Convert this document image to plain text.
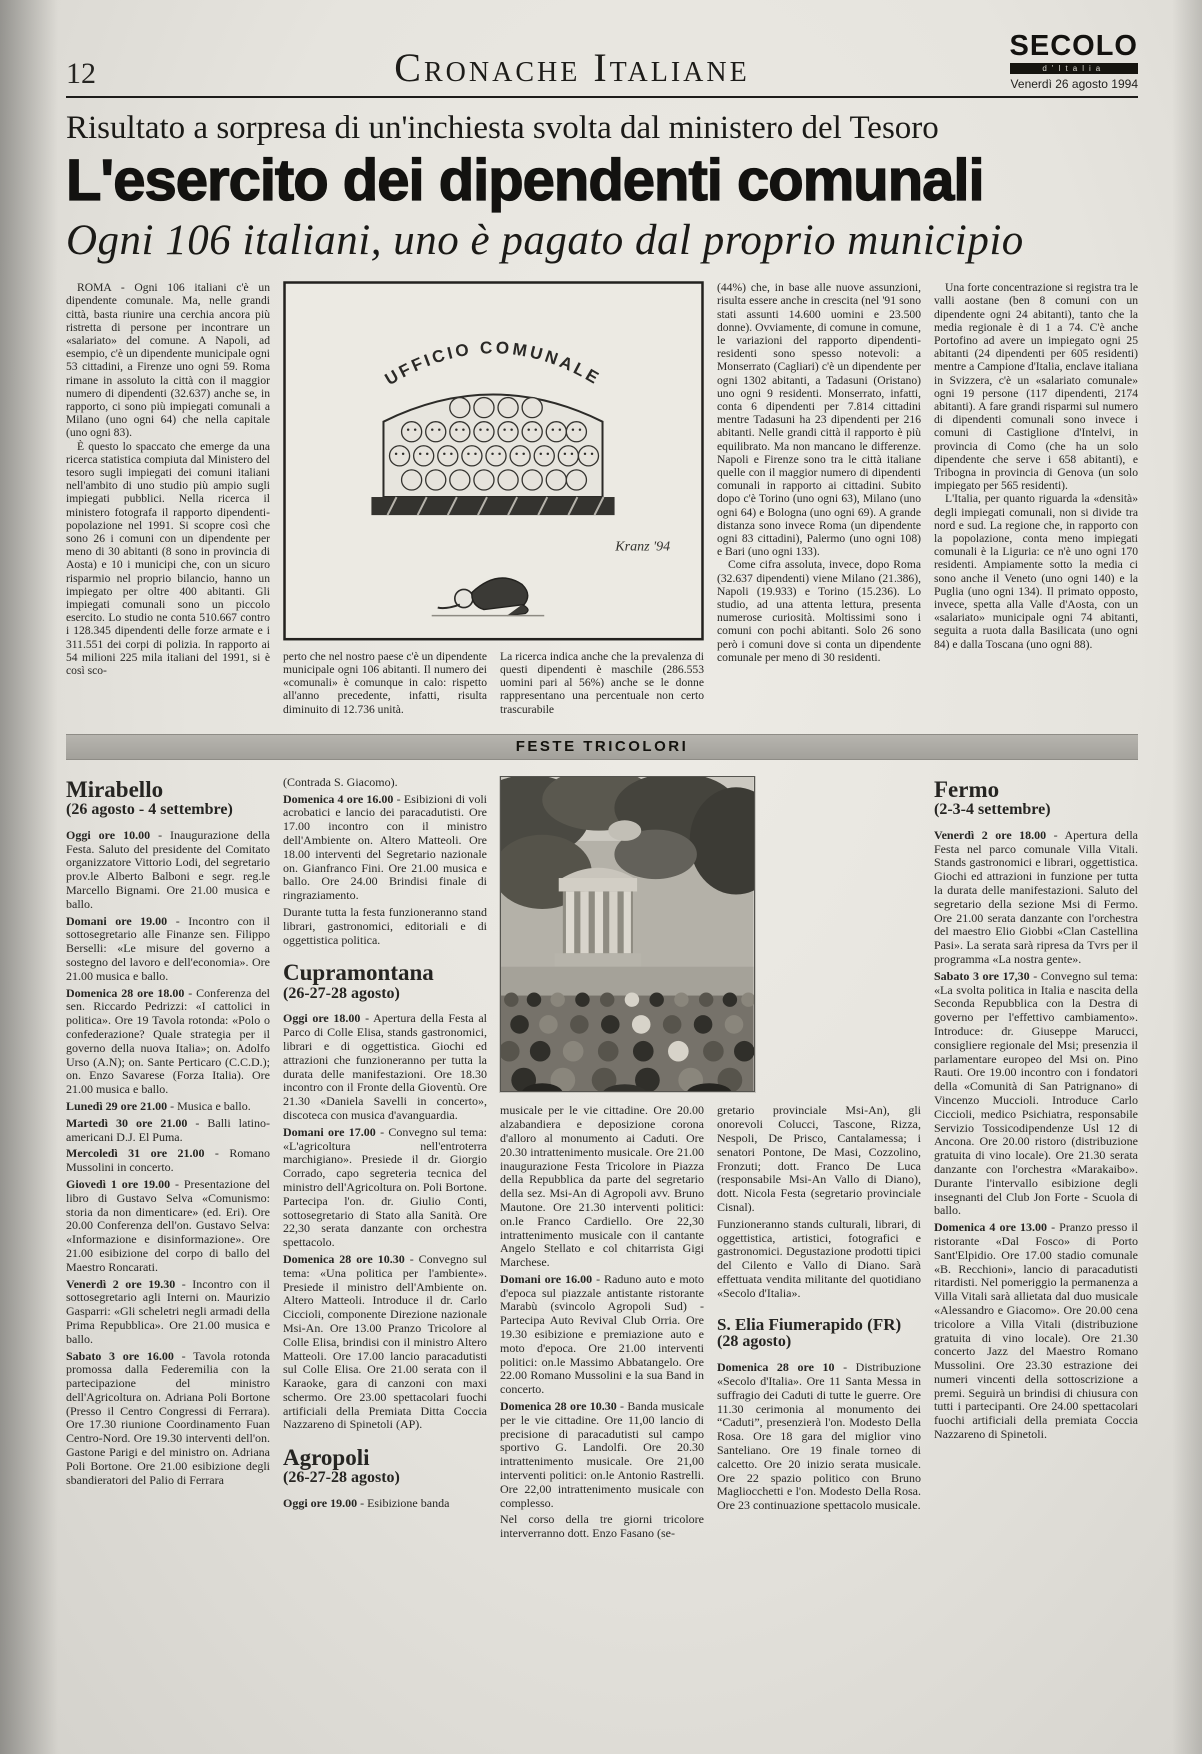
12	Cronache Italiane	SECOLO
d'Italia
Venerdì 26 agosto 1994
Risultato a sorpresa di un'inchiesta svolta dal ministero del Tesoro
L'esercito dei dipendenti comunali
Ogni 106 italiani, uno è pagato dal proprio municipio

ROMA - Ogni 106 italiani c'è un dipendente comunale. Ma, nelle grandi città, basta riunire una cerchia ancora più ristretta di persone per incontrare un «salariato» del comune. A Napoli, ad esempio, c'è un dipendente municipale ogni 53 cittadini, a Firenze uno ogni 59. Roma rimane in assoluto la città con il maggior numero di dipendenti (32.637) anche se, in rapporto, ci sono più impiegati comunali a Milano (uno ogni 64) che nella capitale (uno ogni 83).

È questo lo spaccato che emerge da una ricerca statistica compiuta dal Ministero del tesoro sugli impiegati dei comuni italiani nell'ambito di uno studio più ampio sugli impiegati pubblici. Nella ricerca il ministero fotografa il rapporto dipendenti-popolazione nel 1991. Si scopre così che sono 26 i comuni con un dipendente per meno di 30 abitanti (8 sono in provincia di Aosta) e 10 i municipi che, con un sicuro risparmio nel proprio bilancio, hanno un impiegato per oltre 400 abitanti. Gli impiegati comunali sono un piccolo esercito. Lo studio ne conta 510.667 contro i 128.345 dipendenti delle forze armate e i 311.551 dei corpi di polizia. In rapporto ai 54 milioni 225 mila italiani del 1991, si è così sco-

UFFICIO COMUNALE
Kranz '94

perto che nel nostro paese c'è un dipendente municipale ogni 106 abitanti. Il numero dei «comunali» è comunque in calo: rispetto all'anno precedente, infatti, risulta diminuito di 12.736 unità.

La ricerca indica anche che la prevalenza di questi dipendenti è maschile (286.553 uomini pari al 56%) anche se le donne rappresentano una percentuale non certo trascurabile

(44%) che, in base alle nuove assunzioni, risulta essere anche in crescita (nel '91 sono stati assunti 14.600 uomini e 23.500 donne). Ovviamente, di comune in comune, le variazioni del rapporto dipendenti-residenti sono spesso notevoli: a Monserrato (Cagliari) c'è un dipendente per ogni 1302 abitanti, a Tadasuni (Oristano) uno ogni 9 residenti. Monserrato, infatti, conta 6 dipendenti per 7.814 cittadini mentre Tadasuni ha 23 dipendenti per 216 abitanti. Nelle grandi città il rapporto è più equilibrato. Ma non mancano le differenze. Napoli e Firenze sono tra le città italiane quelle con il maggior numero di dipendenti comunali in rapporto ai cittadini. Subito dopo c'è Torino (uno ogni 63), Milano (uno ogni 64) e Bologna (uno ogni 69). A grande distanza sono invece Roma (un dipendente ogni 83 cittadini), Palermo (uno ogni 108) e Bari (uno ogni 133).

Come cifra assoluta, invece, dopo Roma (32.637 dipendenti) viene Milano (21.386), Napoli (19.933) e Torino (15.236). Lo studio, ad una attenta lettura, presenta numerose curiosità. Moltissimi sono i comuni con pochi abitanti. Solo 26 sono però i comuni dove si conta un dipendente comunale per meno di 30 residenti.

Una forte concentrazione si registra tra le valli aostane (ben 8 comuni con un dipendente ogni 24 abitanti), tanto che la media regionale è di 1 a 74. C'è anche Portofino ad avere un impiegato ogni 25 abitanti (24 dipendenti per 605 residenti) mentre a Campione d'Italia, enclave italiana in Svizzera, c'è un «salariato comunale» ogni 19 persone (117 dipendenti, 2174 abitanti). A fare grandi risparmi sul numero di dipendenti comunali sono invece i comuni di Castiglione d'Intelvi, in provincia di Como (che ha un solo dipendente che serve i 658 abitanti), e Tribogna in provincia di Genova (un solo impiegato per 565 residenti).

L'Italia, per quanto riguarda la «densità» degli impiegati comunali, non si divide tra nord e sud. La regione che, in rapporto con la popolazione, conta meno impiegati comunali è la Liguria: ce n'è uno ogni 170 residenti. Ampiamente sotto la media ci sono anche il Veneto (uno ogni 140) e la Puglia (uno ogni 134). Il primato opposto, invece, spetta alla Valle d'Aosta, con un «salariato» municipale ogni 74 abitanti, seguita a ruota dalla Basilicata (uno ogni 84) e dalla Toscana (uno ogni 88).

FESTE TRICOLORI
Mirabello
(26 agosto - 4 settembre)

Oggi ore 10.00 - Inaugurazione della Festa. Saluto del presidente del Comitato organizzatore Vittorio Lodi, del segretario prov.le Alberto Balboni e segr. reg.le Marcello Bignami. Ore 21.00 musica e ballo.

Domani ore 19.00 - Incontro con il sottosegretario alle Finanze sen. Filippo Berselli: «Le misure del governo a sostegno del lavoro e dell'economia». Ore 21.00 musica e ballo.

Domenica 28 ore 18.00 - Conferenza del sen. Riccardo Pedrizzi: «I cattolici in politica». Ore 19 Tavola rotonda: «Polo o confederazione? Quale strategia per il governo della nuova Italia»; on. Adolfo Urso (A.N); on. Sante Perticaro (C.C.D.); on. Enzo Savarese (Forza Italia). Ore 21.00 musica e ballo.

Lunedì 29 ore 21.00 - Musica e ballo.

Martedì 30 ore 21.00 - Balli latino-americani D.J. El Puma.

Mercoledì 31 ore 21.00 - Romano Mussolini in concerto.

Giovedì 1 ore 19.00 - Presentazione del libro di Gustavo Selva «Comunismo: storia da non dimenticare» (ed. Eri). Ore 20.00 Conferenza dell'on. Gustavo Selva: «Informazione e disinformazione». Ore 21.00 esibizione del corpo di ballo del Maestro Roncarati.

Venerdì 2 ore 19.30 - Incontro con il sottosegretario agli Interni on. Maurizio Gasparri: «Gli scheletri negli armadi della Prima Repubblica». Ore 21.00 musica e ballo.

Sabato 3 ore 16.00 - Tavola rotonda promossa dalla Federemilia con la partecipazione del ministro dell'Agricoltura on. Adriana Poli Bortone (Presso il Centro Congressi di Ferrara). Ore 17.30 riunione Coordinamento Fuan Centro-Nord. Ore 19.30 interventi dell'on. Gastone Parigi e del ministro on. Adriana Poli Bortone. Ore 21.00 esibizione degli sbandieratori del Palio di Ferrara

(Contrada S. Giacomo).

Domenica 4 ore 16.00 - Esibizioni di voli acrobatici e lancio dei paracadutisti. Ore 17.00 incontro con il ministro dell'Ambiente on. Altero Matteoli. Ore 18.00 interventi del Segretario nazionale on. Gianfranco Fini. Ore 21.00 musica e ballo. Ore 24.00 Brindisi finale di ringraziamento.

Durante tutta la festa funzioneranno stand librari, gastronomici, editoriali e di oggettistica politica.

Cupramontana
(26-27-28 agosto)

Oggi ore 18.00 - Apertura della Festa al Parco di Colle Elisa, stands gastronomici, librari e di oggettistica. Giochi ed attrazioni che funzioneranno per tutta la durata delle manifestazioni. Ore 18.30 incontro con il Fronte della Gioventù. Ore 21.30 «Daniela Savelli in concerto», discoteca con musica d'avanguardia.

Domani ore 17.00 - Convegno sul tema: «L'agricoltura nell'entroterra marchigiano». Presiede il dr. Giorgio Corrado, capo segreteria tecnica del ministro dell'Agricoltura on. Poli Bortone. Partecipa l'on. dr. Giulio Conti, sottosegretario di Stato alla Sanità. Ore 22,30 serata danzante con orchestra spettacolo.

Domenica 28 ore 10.30 - Convegno sul tema: «Una politica per l'ambiente». Presiede il ministro dell'Ambiente on. Altero Matteoli. Introduce il dr. Carlo Ciccioli, componente Direzione nazionale Msi-An. Ore 13.00 Pranzo Tricolore al Colle Elisa, brindisi con il ministro Altero Matteoli. Ore 17.00 lancio paracadutisti sul Colle Elisa. Ore 21.00 serata con il Karaoke, gara di canzoni con maxi schermo. Ore 23.00 spettacolari fuochi artificiali della Premiata Ditta Coccia Nazzareno di Spinetoli (AP).

Agropoli
(26-27-28 agosto)

Oggi ore 19.00 - Esibizione banda

musicale per le vie cittadine. Ore 20.00 alzabandiera e deposizione corona d'alloro al monumento ai Caduti. Ore 20.30 intrattenimento musicale. Ore 21.00 inaugurazione Festa Tricolore in Piazza della Repubblica da parte del segretario della sez. Msi-An di Agropoli avv. Bruno Mautone. Ore 21.30 interventi politici: on.le Franco Cardiello. Ore 22,30 intrattenimento musicale con il cantante Angelo Stellato e col chitarrista Gigi Marchese.

Domani ore 16.00 - Raduno auto e moto d'epoca sul piazzale antistante ristorante Marabù (svincolo Agropoli Sud) - Partecipa Auto Revival Club Orria. Ore 19.30 esibizione e premiazione auto e moto d'epoca. Ore 21.00 interventi politici: on.le Massimo Abbatangelo. Ore 22.00 Romano Mussolini e la sua Band in concerto.

Domenica 28 ore 10.30 - Banda musicale per le vie cittadine. Ore 11,00 lancio di precisione di paracadutisti sul campo sportivo G. Landolfi. Ore 20.30 intrattenimento musicale. Ore 21,00 interventi politici: on.le Antonio Rastrelli. Ore 22,00 intrattenimento musicale con complesso.

Nel corso della tre giorni tricolore interverranno dott. Enzo Fasano (se-

gretario provinciale Msi-An), gli onorevoli Colucci, Tascone, Rizza, Nespoli, De Prisco, Cantalamessa; i senatori Pontone, De Masi, Cozzolino, Fronzuti; dott. Franco De Luca (responsabile Msi-An Vallo di Diano), dott. Nicola Festa (segretario provinciale Cisnal).

Funzioneranno stands culturali, librari, di oggettistica, artistici, fotografici e gastronomici. Degustazione prodotti tipici del Cilento e Vallo di Diano. Sarà effettuata vendita militante del quotidiano «Secolo d'Italia».

S. Elia Fiumerapido (FR)
(28 agosto)

Domenica 28 ore 10 - Distribuzione «Secolo d'Italia». Ore 11 Santa Messa in suffragio dei Caduti di tutte le guerre. Ore 11.30 cerimonia al monumento dei “Caduti”, presenzierà l'on. Modesto Della Rosa. Ore 18 gara del miglior vino Santeliano. Ore 19 finale torneo di calcetto. Ore 20 inizio serata musicale. Ore 22 spazio politico con Bruno Magliocchetti e l'on. Modesto Della Rosa. Ore 23 continuazione spettacolo musicale.

Fermo
(2-3-4 settembre)

Venerdì 2 ore 18.00 - Apertura della Festa nel parco comunale Villa Vitali. Stands gastronomici e librari, oggettistica. Giochi ed attrazioni in funzione per tutta la durata delle manifestazioni. Saluto del segretario della sezione Msi di Fermo. Ore 21.00 serata danzante con l'orchestra del maestro Elio Giobbi «Clan Castellina Pasi». La serata sarà ripresa da Tvrs per il programma «La nostra gente».

Sabato 3 ore 17,30 - Convegno sul tema: «La svolta politica in Italia e nascita della Seconda Repubblica con la Destra di governo per l'effettivo cambiamento». Introduce: dr. Giuseppe Marucci, consigliere regionale del Msi; presenzia il parlamentare europeo del Msi on. Pino Rauti. Ore 19.00 incontro con i fondatori della «Comunità di San Patrignano» di Vincenzo Muccioli. Introduce Carlo Ciccioli, medico Psichiatra, responsabile Servizio Tossicodipendenze Usl 12 di Ancona. Ore 20.00 ristoro (distribuzione gratuita di vino locale). Ore 21.30 serata danzante con l'orchestra «Marakaibo». Durante l'intervallo esibizione degli insegnanti del Club Jon Forte - Scuola di ballo.

Domenica 4 ore 13.00 - Pranzo presso il ristorante «Dal Fosco» di Porto Sant'Elpidio. Ore 17.00 stadio comunale «B. Recchioni», lancio di paracadutisti ritardisti. Nel pomeriggio la permanenza a Villa Vitali sarà allietata dal duo musicale «Alessandro e Giacomo». Ore 20.00 cena tricolore a Villa Vitali (distribuzione gratuita di vino locale). Ore 21.30 concerto Jazz del Maestro Romano Mussolini. Ore 23.30 estrazione dei numeri vincenti della sottoscrizione a premi. Seguirà un brindisi di chiusura con tutti i partecipanti. Ore 24.00 spettacolari fuochi artificiali della premiata Coccia Nazzareno di Spinetoli.
